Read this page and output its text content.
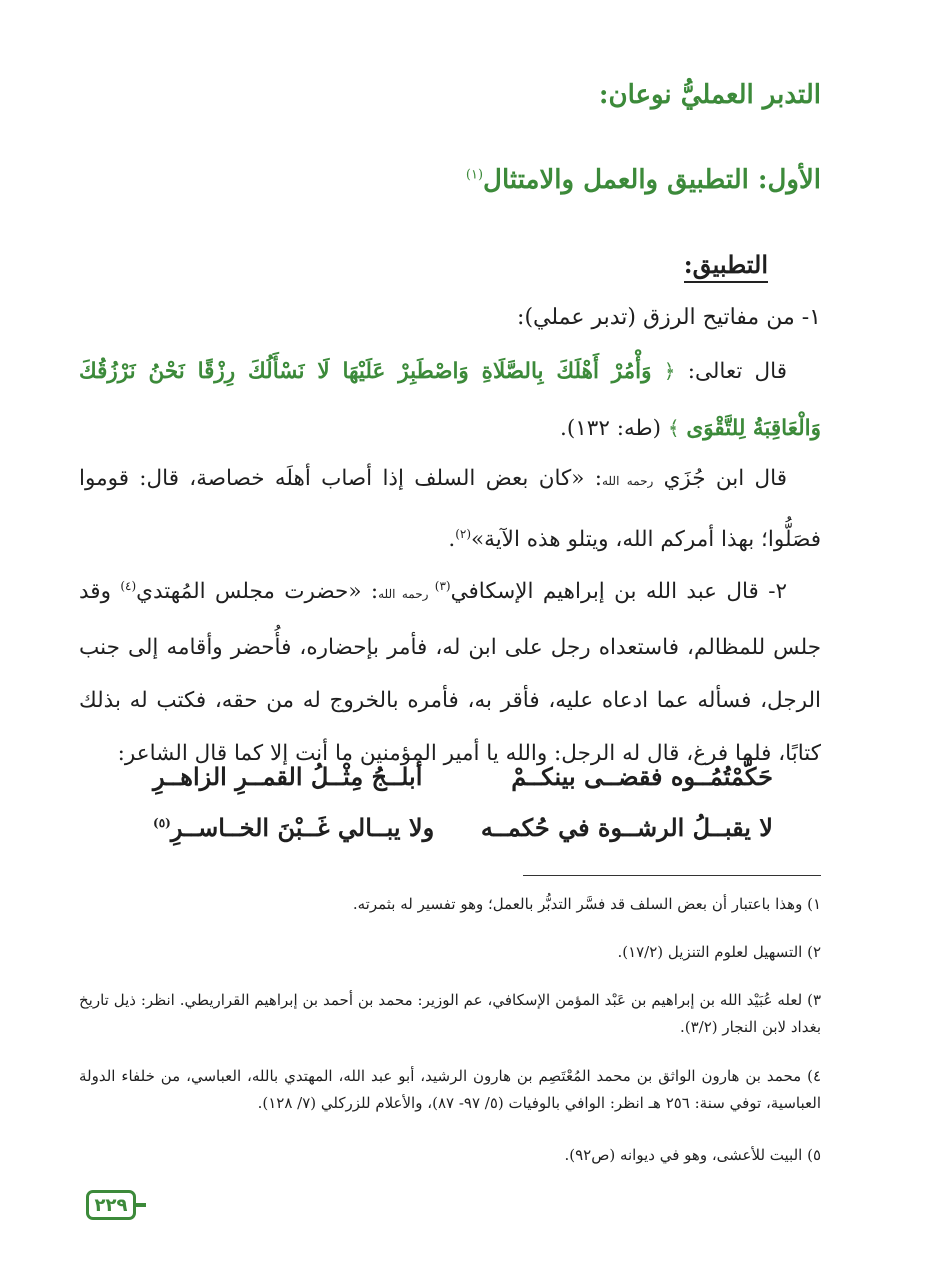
التدبر العمليُّ نوعان:
الأول: التطبيق والعمل والامتثال$^{(١)}$
التطبيق:
١- من مفاتيح الرزق (تدبر عملي):
قال تعالى: ﴿ وَأْمُرْ أَهْلَكَ بِالصَّلَاةِ وَاصْطَبِرْ عَلَيْهَا لَا نَسْأَلُكَ رِزْقًا نَحْنُ نَرْزُقُكَ وَالْعَاقِبَةُ لِلتَّقْوَى ﴾ (طه: ١٣٢).
قال ابن جُزَي رحمه الله: «كان بعض السلف إذا أصاب أهلَه خصاصة، قال: قوموا فصَلُّوا؛ بهذا أمركم الله، ويتلو هذه الآية»$^{(٢)}$.
٢- قال عبد الله بن إبراهيم الإسكافي$^{(٣)}$ رحمه الله: «حضرت مجلس المُهتدي$^{(٤)}$ وقد جلس للمظالم، فاستعداه رجل على ابن له، فأمر بإحضاره، فأُحضر وأقامه إلى جنب الرجل، فسأله عما ادعاه عليه، فأقر به، فأمره بالخروج له من حقه، فكتب له بذلك كتابًا، فلما فرغ، قال له الرجل: والله يا أمير المؤمنين ما أنت إلا كما قال الشاعر:
حَكَّمْتُمُــوه فقضــى بينكــمْ
أبلــجُ مِثْــلُ القمــرِ الزاهــرِ
لا يقبــلُ الرشــوة في حُكمــه
ولا يبــالي غَــبْنَ الخــاســرِ$^{(٥)}$
١) وهذا باعتبار أن بعض السلف قد فسَّر التدبُّر بالعمل؛ وهو تفسير له بثمرته.
٢) التسهيل لعلوم التنزيل (١٧/٢).
٣) لعله عُبَيْد الله بن إبراهيم بن عَبْد المؤمن الإسكافي، عم الوزير: محمد بن أحمد بن إبراهيم القراريطي. انظر: ذيل تاريخ بغداد لابن النجار (٣/٢).
٤) محمد بن هارون الواثق بن محمد المُعْتَصِم بن هارون الرشيد، أبو عبد الله، المهتدي بالله، العباسي، من خلفاء الدولة العباسية، توفي سنة: ٢٥٦ هـ انظر: الوافي بالوفيات (٥/ ٩٧- ٨٧)، والأعلام للزركلي (٧/ ١٢٨).
٥) البيت للأعشى، وهو في ديوانه (ص٩٢).
٢٢٩
